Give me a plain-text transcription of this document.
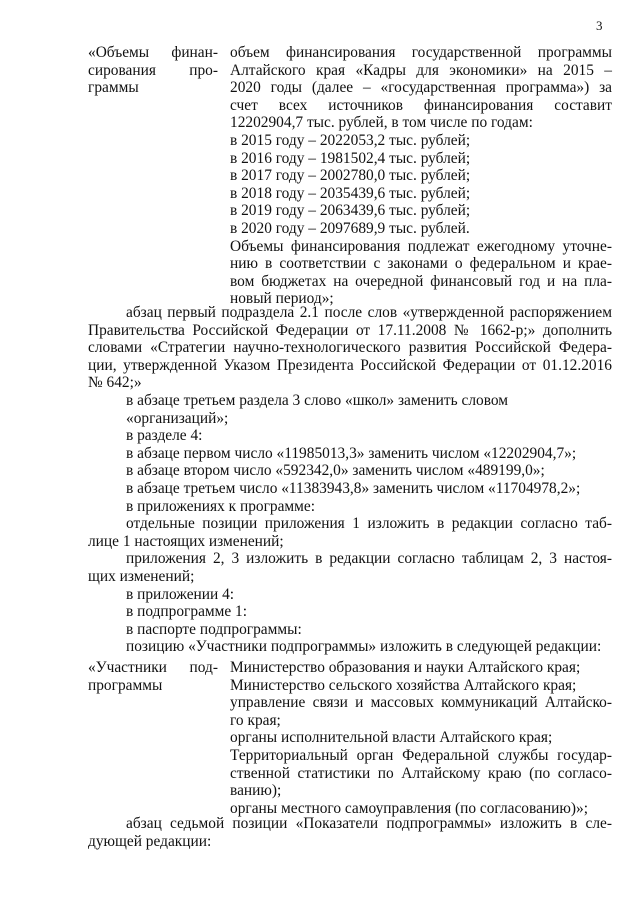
3
«Объемы финан-
сирования про-
граммы
объем финансирования государственной программы
Алтайского края «Кадры для экономики» на 2015 –
2020 годы (далее – «государственная программа») за
счет всех источников финансирования составит
12202904,7 тыс. рублей, в том числе по годам:
в 2015 году – 2022053,2 тыс. рублей;
в 2016 году – 1981502,4 тыс. рублей;
в 2017 году – 2002780,0 тыс. рублей;
в 2018 году – 2035439,6 тыс. рублей;
в 2019 году – 2063439,6 тыс. рублей;
в 2020 году – 2097689,9 тыс. рублей.
Объемы финансирования подлежат ежегодному уточне-
нию в соответствии с законами о федеральном и крае-
вом бюджетах на очередной финансовый год и на пла-
новый период»;
абзац первый подраздела 2.1 после слов «утвержденной распоряжением
Правительства Российской Федерации от 17.11.2008 № 1662-р;» дополнить
словами «Стратегии научно-технологического развития Российской Федера-
ции, утвержденной Указом Президента Российской Федерации от 01.12.2016
№ 642;»
в абзаце третьем раздела 3 слово «школ» заменить словом «организаций»;
в разделе 4:
в абзаце первом число «11985013,3» заменить числом «12202904,7»;
в абзаце втором число «592342,0» заменить числом «489199,0»;
в абзаце третьем число «11383943,8» заменить числом «11704978,2»;
в приложениях к программе:
отдельные позиции приложения 1 изложить в редакции согласно таб-
лице 1 настоящих изменений;
приложения 2, 3 изложить в редакции согласно таблицам 2, 3 настоя-
щих изменений;
в приложении 4:
в подпрограмме 1:
в паспорте подпрограммы:
позицию «Участники подпрограммы» изложить в следующей редакции:
«Участники под-
программы
Министерство образования и науки Алтайского края;
Министерство сельского хозяйства Алтайского края;
управление связи и массовых коммуникаций Алтайско-
го края;
органы исполнительной власти Алтайского края;
Территориальный орган Федеральной службы государ-
ственной статистики по Алтайскому краю (по согласо-
ванию);
органы местного самоуправления (по согласованию)»;
абзац седьмой позиции «Показатели подпрограммы» изложить в сле-
дующей редакции:
